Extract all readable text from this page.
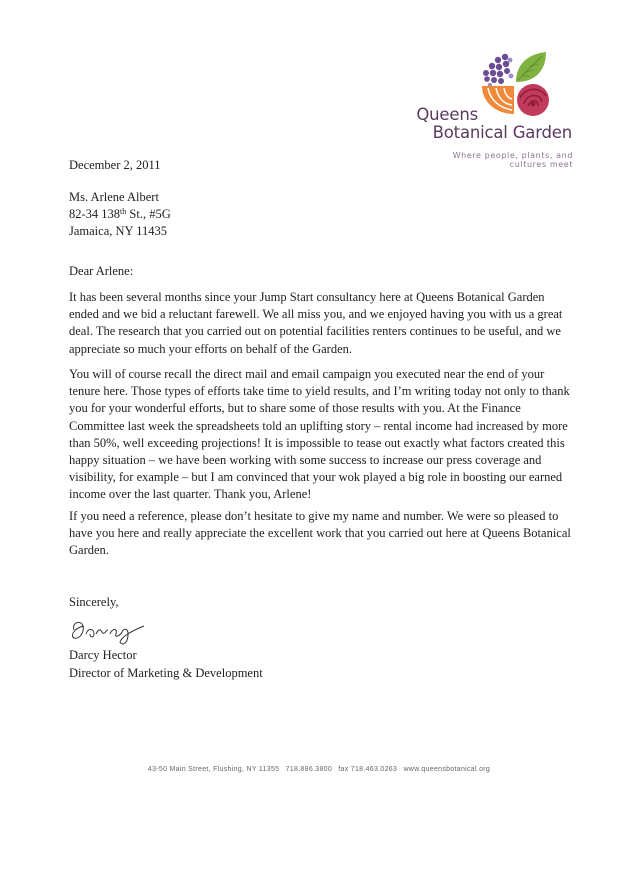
Queens
Botanical Garden
Where people, plants, and
cultures meet
December 2, 2011
Ms. Arlene Albert
82-34 138th St., #5G
Jamaica, NY 11435
Dear Arlene:
It has been several months since your Jump Start consultancy here at Queens Botanical Garden ended and we bid a reluctant farewell. We all miss you, and we enjoyed having you with us a great deal. The research that you carried out on potential facilities renters continues to be useful, and we appreciate so much your efforts on behalf of the Garden.
You will of course recall the direct mail and email campaign you executed near the end of your tenure here. Those types of efforts take time to yield results, and I’m writing today not only to thank you for your wonderful efforts, but to share some of those results with you. At the Finance Committee last week the spreadsheets told an uplifting story – rental income had increased by more than 50%, well exceeding projections! It is impossible to tease out exactly what factors created this happy situation – we have been working with some success to increase our press coverage and visibility, for example – but I am convinced that your wok played a big role in boosting our earned income over the last quarter. Thank you, Arlene!
If you need a reference, please don’t hesitate to give my name and number. We were so pleased to have you here and really appreciate the excellent work that you carried out here at Queens Botanical Garden.
Sincerely,
Darcy Hector
Director of Marketing & Development
43-50 Main Street, Flushing, NY 11355 718.886.3800 fax 718.463.0263 www.queensbotanical.org
